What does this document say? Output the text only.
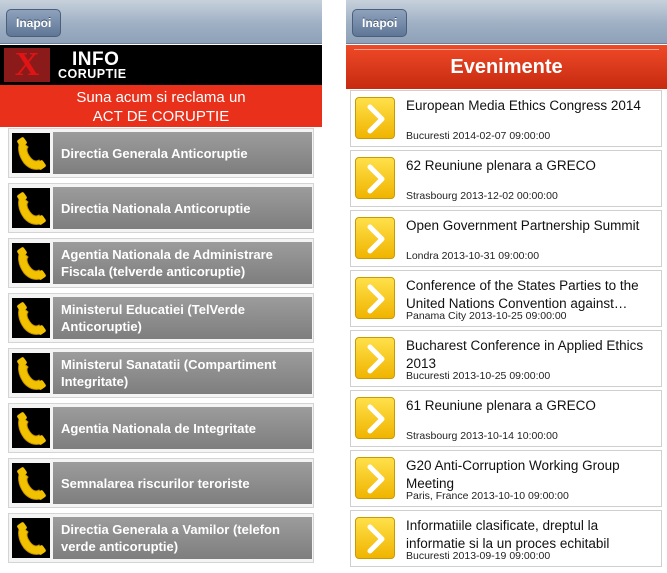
Inapoi
X	INFO
CORUPTIE
Suna acum si reclama un
ACT DE CORUPTIE
Directia Generala Anticoruptie
Directia Nationala Anticoruptie
Agentia Nationala de Administrare Fiscala (telverde anticoruptie)
Ministerul Educatiei (TelVerde Anticoruptie)
Ministerul Sanatatii (Compartiment Integritate)
Agentia Nationala de Integritate
Semnalarea riscurilor teroriste
Directia Generala a Vamilor (telefon verde anticoruptie)
Inapoi
Evenimente
European Media Ethics Congress 2014
Bucuresti 2014-02-07 09:00:00
62 Reuniune plenara a GRECO
Strasbourg 2013-12-02 00:00:00
Open Government Partnership Summit
Londra 2013-10-31 09:00:00
Conference of the States Parties to the United Nations Convention against…
Panama City 2013-10-25 09:00:00
Bucharest Conference in Applied Ethics 2013
Bucuresti 2013-10-25 09:00:00
61 Reuniune plenara a GRECO
Strasbourg 2013-10-14 10:00:00
G20 Anti-Corruption Working Group Meeting
Paris, France 2013-10-10 09:00:00
Informatiile clasificate, dreptul la informatie si la un proces echitabil
Bucuresti 2013-09-19 09:00:00
